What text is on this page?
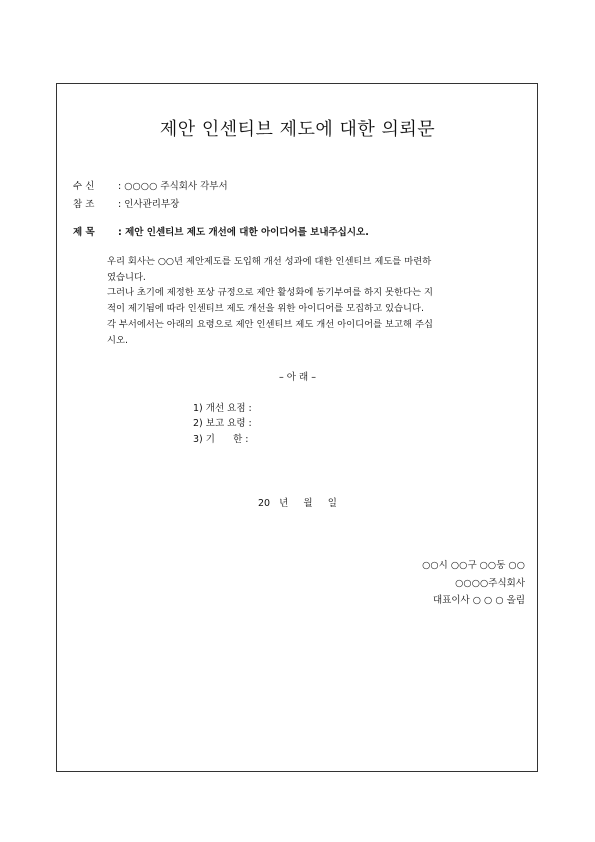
제안 인센티브 제도에 대한 의뢰문
수 신 : ○○○○ 주식회사 각부서
참 조 : 인사관리부장
제 목 : 제안 인센티브 제도 개선에 대한 아이디어를 보내주십시오.

우리 회사는 ○○년 제안제도를 도입해 개선 성과에 대한 인센티브 제도를 마련하

였습니다.

그러나 초기에 제정한 포상 규정으로 제안 활성화에 동기부여를 하지 못한다는 지

적이 제기됨에 따라 인센티브 제도 개선을 위한 아이디어를 모집하고 있습니다.

각 부서에서는 아래의 요령으로 제안 인센티브 제도 개선 아이디어를 보고해 주십

시오.

– 아 래 –
1) 개선 요점 :
2) 보고 요령 :
3) 기      한 :
20   년     월     일
○○시 ○○구 ○○동 ○○
○○○○주식회사
대표이사 ○ ○ ○ 올림
